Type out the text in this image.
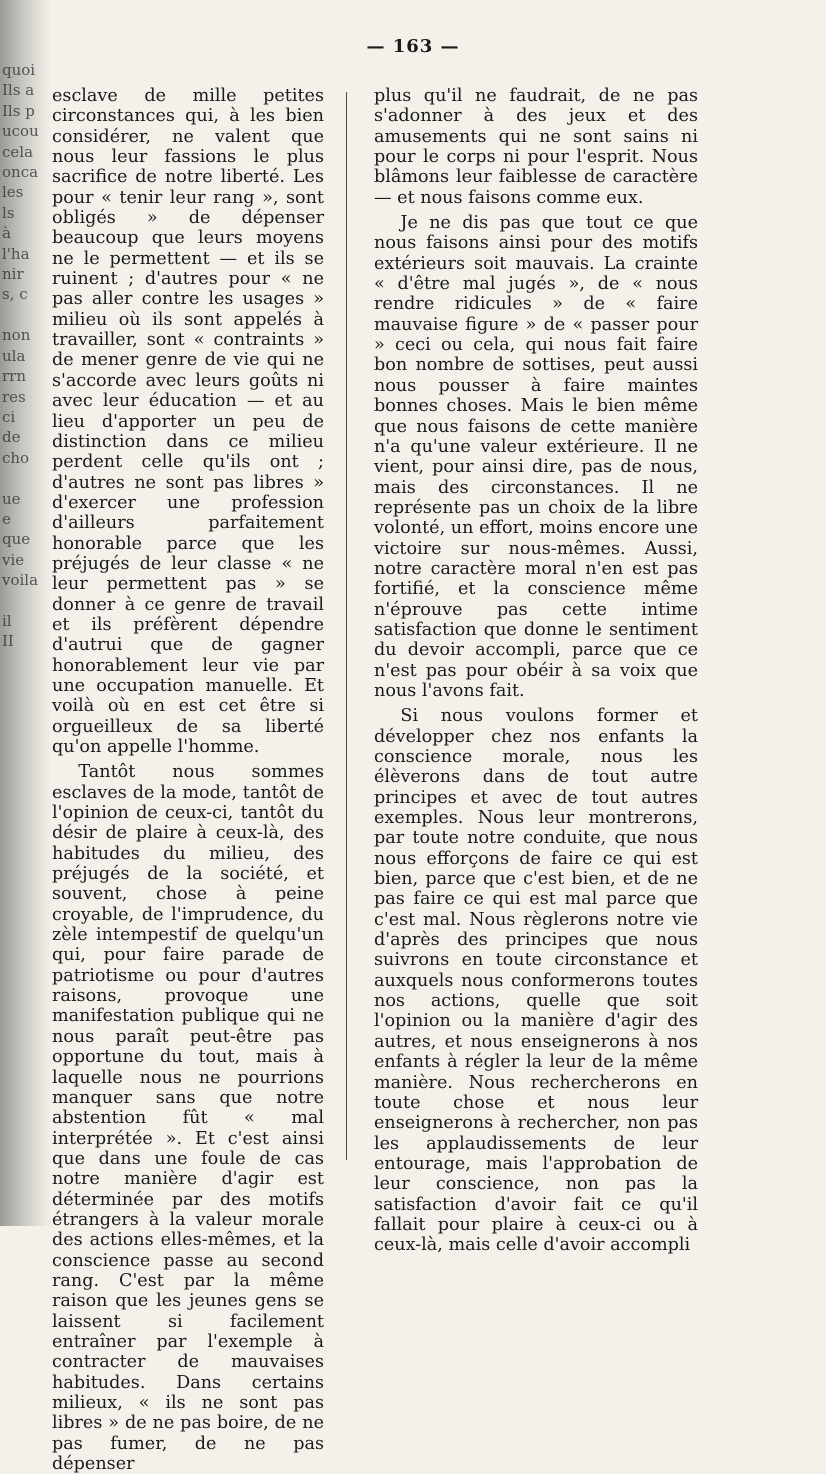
quoi
Ils a
Ils p
ucou
cela
onca
les
ls
à
l'ha
nir
s, c

non
ula
rrn
res
ci
de
cho

ue
e
que
vie
voila

il
II
— 163 —

esclave de mille petites circonstances qui, à les bien considérer, ne valent que nous leur fassions le plus sacrifice de notre liberté. Les pour « tenir leur rang », sont obligés » de dépenser beaucoup que leurs moyens ne le permettent — et ils se ruinent ; d'autres pour « ne pas aller contre les usages » milieu où ils sont appelés à travailler, sont « contraints » de mener genre de vie qui ne s'accorde avec leurs goûts ni avec leur éducation — et au lieu d'apporter un peu de distinction dans ce milieu perdent celle qu'ils ont ; d'autres ne sont pas libres » d'exercer une profession d'ailleurs parfaitement honorable parce que les préjugés de leur classe « ne leur permettent pas » se donner à ce genre de travail et ils préfèrent dépendre d'autrui que de gagner honorablement leur vie par une occupation manuelle. Et voilà où en est cet être si orgueilleux de sa liberté qu'on appelle l'homme.

Tantôt nous sommes esclaves de la mode, tantôt de l'opinion de ceux-ci, tantôt du désir de plaire à ceux-là, des habitudes du milieu, des préjugés de la société, et souvent, chose à peine croyable, de l'imprudence, du zèle intempestif de quelqu'un qui, pour faire parade de patriotisme ou pour d'autres raisons, provoque une manifestation publique qui ne nous paraît peut-être pas opportune du tout, mais à laquelle nous ne pourrions manquer sans que notre abstention fût « mal interprétée ». Et c'est ainsi que dans une foule de cas notre manière d'agir est déterminée par des motifs étrangers à la valeur morale des actions elles-mêmes, et la conscience passe au second rang. C'est par la même raison que les jeunes gens se laissent si facilement entraîner par l'exemple à contracter de mauvaises habitudes. Dans certains milieux, « ils ne sont pas libres » de ne pas boire, de ne pas fumer, de ne pas dépenser

plus qu'il ne faudrait, de ne pas s'adonner à des jeux et des amusements qui ne sont sains ni pour le corps ni pour l'esprit. Nous blâmons leur faiblesse de caractère — et nous faisons comme eux.

Je ne dis pas que tout ce que nous faisons ainsi pour des motifs extérieurs soit mauvais. La crainte « d'être mal jugés », de « nous rendre ridicules » de « faire mauvaise figure » de « passer pour » ceci ou cela, qui nous fait faire bon nombre de sottises, peut aussi nous pousser à faire maintes bonnes choses. Mais le bien même que nous faisons de cette manière n'a qu'une valeur extérieure. Il ne vient, pour ainsi dire, pas de nous, mais des circonstances. Il ne représente pas un choix de la libre volonté, un effort, moins encore une victoire sur nous-mêmes. Aussi, notre caractère moral n'en est pas fortifié, et la conscience même n'éprouve pas cette intime satisfaction que donne le sentiment du devoir accompli, parce que ce n'est pas pour obéir à sa voix que nous l'avons fait.

Si nous voulons former et développer chez nos enfants la conscience morale, nous les élèverons dans de tout autre principes et avec de tout autres exemples. Nous leur montrerons, par toute notre conduite, que nous nous efforçons de faire ce qui est bien, parce que c'est bien, et de ne pas faire ce qui est mal parce que c'est mal. Nous règlerons notre vie d'après des principes que nous suivrons en toute circonstance et auxquels nous conformerons toutes nos actions, quelle que soit l'opinion ou la manière d'agir des autres, et nous enseignerons à nos enfants à régler la leur de la même manière. Nous rechercherons en toute chose et nous leur enseignerons à rechercher, non pas les applaudissements de leur entourage, mais l'approbation de leur conscience, non pas la satisfaction d'avoir fait ce qu'il fallait pour plaire à ceux-ci ou à ceux-là, mais celle d'avoir accompli
